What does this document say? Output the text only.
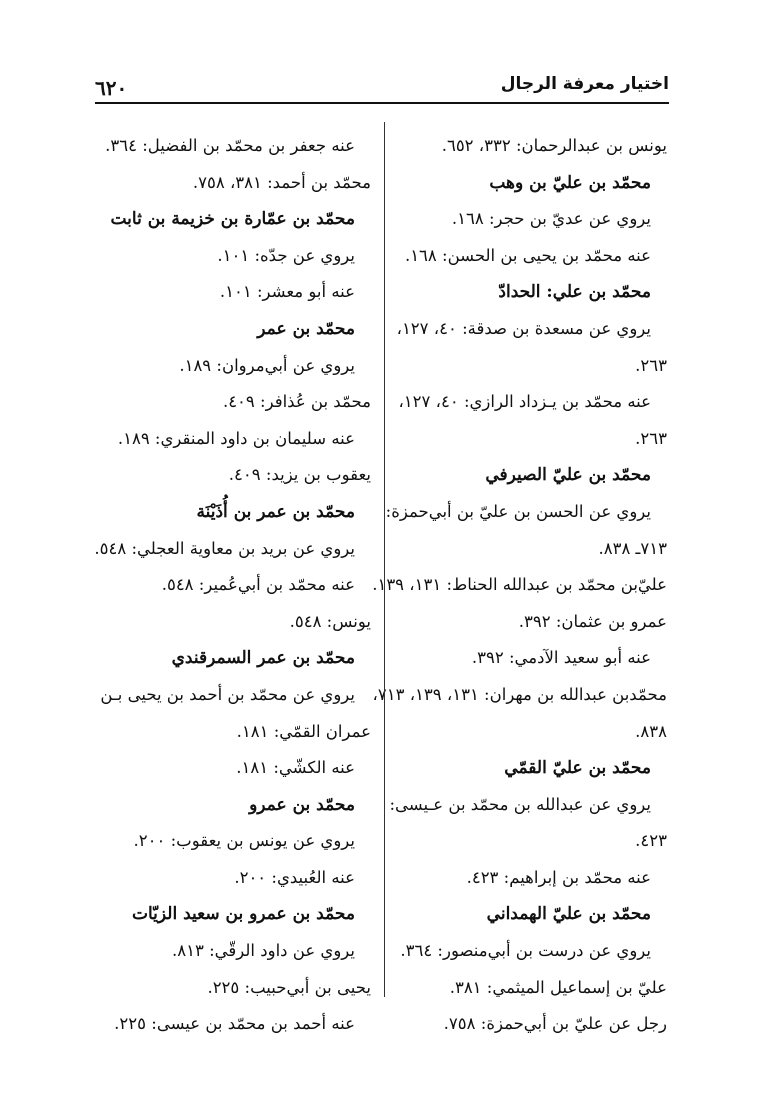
٦٢٠	اختيار معرفة الرجال
يونس بن عبدالرحمان: ٣٣٢، ٦٥٢.
محمّد بن عليّ بن وهب
يروي عن عديّ بن حجر: ١٦٨.
عنه محمّد بن يحيى بن الحسن: ١٦٨.
محمّد بن علي: الحدادّ
يروي عن مسعدة بن صدقة: ٤٠، ١٢٧،
٢٦٣.
عنه محمّد بن يـزداد الرازي: ٤٠، ١٢٧،
٢٦٣.
محمّد بن عليّ الصيرفي
يروي عن الحسن بن عليّ بن أبي‌حمزة:
٧١٣ـ ٨٣٨.
عليّ‌بن محمّد بن عبدالله الحناط: ١٣١، ١٣٩.
عمرو بن عثمان: ٣٩٢.
عنه أبو سعيد الآدمي: ٣٩٢.
محمّدبن عبدالله بن مهران: ١٣١، ١٣٩، ٧١٣،
٨٣٨.
محمّد بن عليّ القمّي
يروي عن عبدالله بن محمّد بن عـيسى:
٤٢٣.
عنه محمّد بن إبراهيم: ٤٢٣.
محمّد بن عليّ الهمداني
يروي عن درست بن أبي‌منصور: ٣٦٤.
عليّ بن إسماعيل الميثمي: ٣٨١.
رجل عن عليّ بن أبي‌حمزة: ٧٥٨.
عنه جعفر بن محمّد بن الفضيل: ٣٦٤.
محمّد بن أحمد: ٣٨١، ٧٥٨.
محمّد بن عمّارة بن خزيمة بن ثابت
يروي عن جدّه: ١٠١.
عنه أبو معشر: ١٠١.
محمّد بن عمر
يروي عن أبي‌مروان: ١٨٩.
محمّد بن عُذافر: ٤٠٩.
عنه سليمان بن داود المنقري: ١٨٩.
يعقوب بن يزيد: ٤٠٩.
محمّد بن عمر بن أُذَيْنَة
يروي عن بريد بن معاوية العجلي: ٥٤٨.
عنه محمّد بن أبي‌عُمير: ٥٤٨.
يونس: ٥٤٨.
محمّد بن عمر السمرقندي
يروي عن محمّد بن أحمد بن يحيى بـن
عمران القمّي: ١٨١.
عنه الكشّي: ١٨١.
محمّد بن عمرو
يروي عن يونس بن يعقوب: ٢٠٠.
عنه العُبيدي: ٢٠٠.
محمّد بن عمرو بن سعيد الزيّات
يروي عن داود الرقّي: ٨١٣.
يحيى بن أبي‌حبيب: ٢٢٥.
عنه أحمد بن محمّد بن عيسى: ٢٢٥.
